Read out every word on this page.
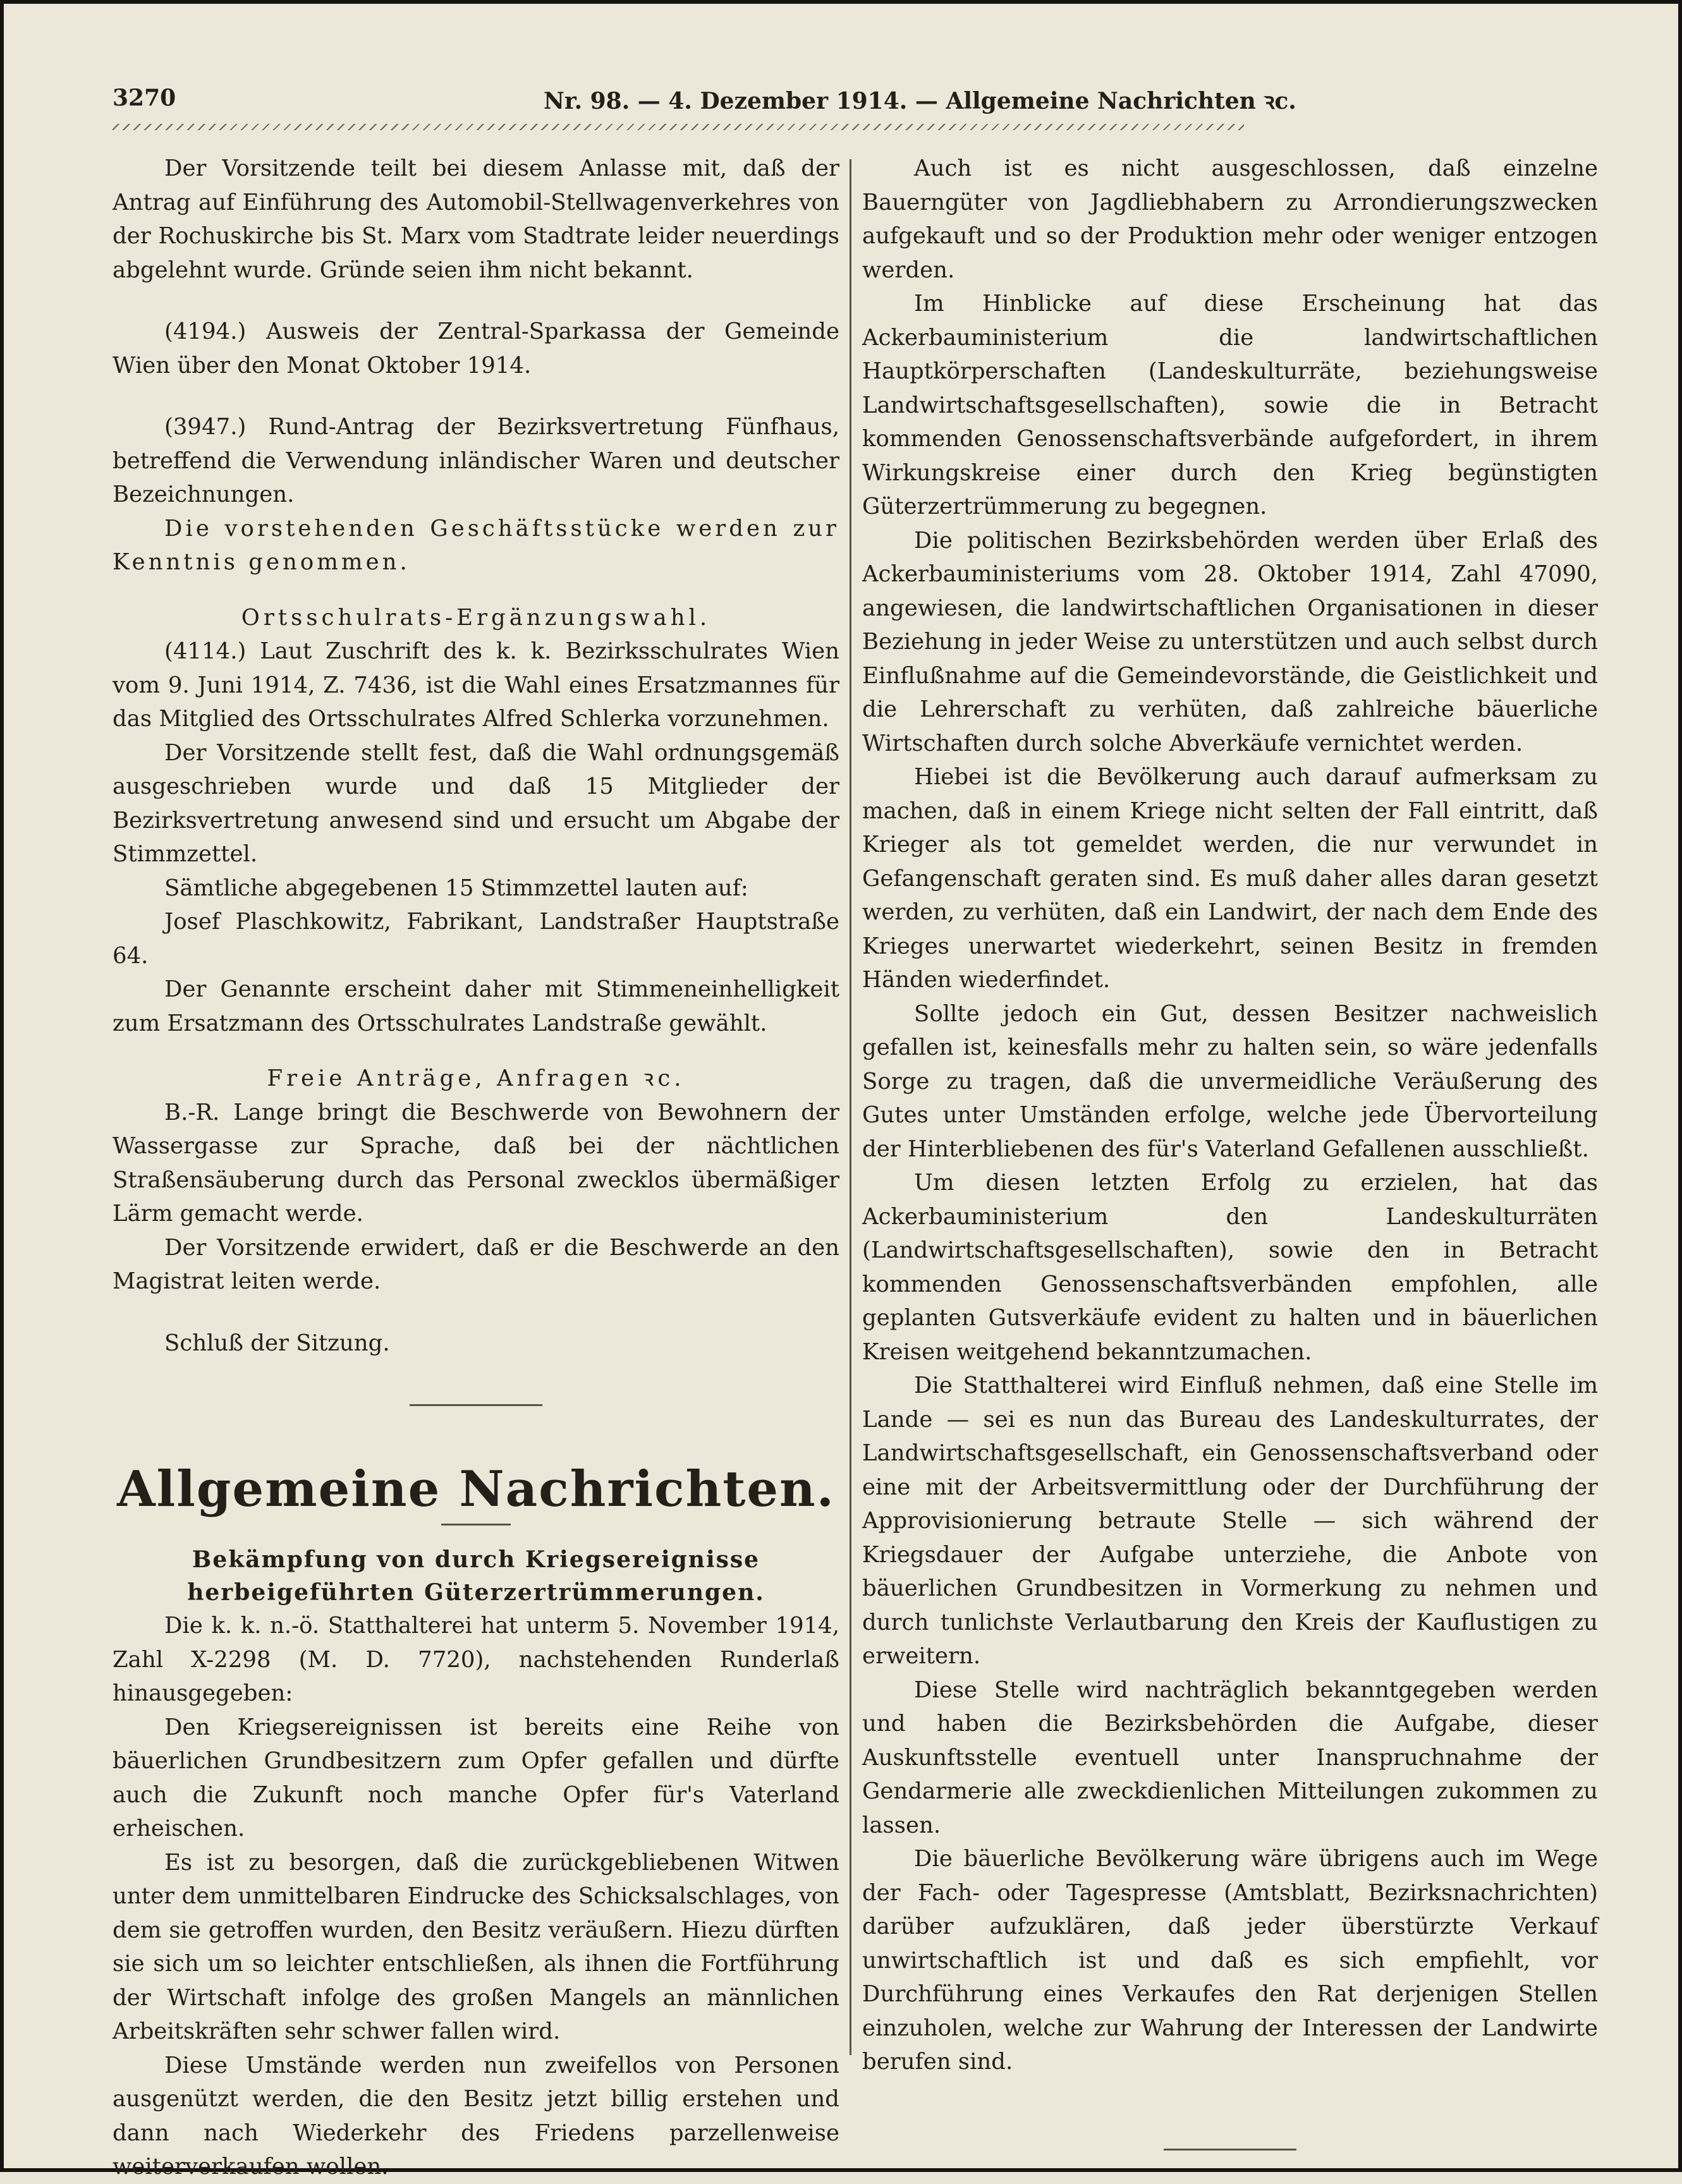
3270	Nr. 98. — 4. Dezember 1914. — Allgemeine Nachrichten ꝛc.

Der Vorsitzende teilt bei diesem Anlasse mit, daß der Antrag auf Einführung des Automobil-Stellwagenverkehres von der Rochuskirche bis St. Marx vom Stadtrate leider neuerdings abgelehnt wurde. Gründe seien ihm nicht bekannt.

(4194.) Ausweis der Zentral-Sparkassa der Gemeinde Wien über den Monat Oktober 1914.

(3947.) Rund-Antrag der Bezirksvertretung Fünfhaus, betreffend die Verwendung inländischer Waren und deutscher Bezeichnungen.

Die vorstehenden Geschäftsstücke werden zur Kenntnis genommen.

Ortsschulrats-Ergänzungswahl.

(4114.) Laut Zuschrift des k. k. Bezirksschulrates Wien vom 9. Juni 1914, Z. 7436, ist die Wahl eines Ersatzmannes für das Mitglied des Ortsschulrates Alfred Schlerka vorzunehmen.

Der Vorsitzende stellt fest, daß die Wahl ordnungsgemäß ausgeschrieben wurde und daß 15 Mitglieder der Bezirksvertretung anwesend sind und ersucht um Abgabe der Stimmzettel.

Sämtliche abgegebenen 15 Stimmzettel lauten auf:

Josef Plaschkowitz, Fabrikant, Landstraßer Hauptstraße 64.

Der Genannte erscheint daher mit Stimmeneinhelligkeit zum Ersatzmann des Ortsschulrates Landstraße gewählt.

Freie Anträge, Anfragen ꝛc.

B.-R. Lange bringt die Beschwerde von Bewohnern der Wassergasse zur Sprache, daß bei der nächtlichen Straßensäuberung durch das Personal zwecklos übermäßiger Lärm gemacht werde.

Der Vorsitzende erwidert, daß er die Beschwerde an den Magistrat leiten werde.

Schluß der Sitzung.

Allgemeine Nachrichten.
Bekämpfung von durch Kriegsereignisse herbeigeführten Güterzertrümmerungen.

Die k. k. n.-ö. Statthalterei hat unterm 5. November 1914, Zahl X-2298 (M. D. 7720), nachstehenden Runderlaß hinausgegeben:

Den Kriegsereignissen ist bereits eine Reihe von bäuerlichen Grundbesitzern zum Opfer gefallen und dürfte auch die Zukunft noch manche Opfer für's Vaterland erheischen.

Es ist zu besorgen, daß die zurückgebliebenen Witwen unter dem unmittelbaren Eindrucke des Schicksalschlages, von dem sie getroffen wurden, den Besitz veräußern. Hiezu dürften sie sich um so leichter entschließen, als ihnen die Fortführung der Wirtschaft infolge des großen Mangels an männlichen Arbeitskräften sehr schwer fallen wird.

Diese Umstände werden nun zweifellos von Personen ausgenützt werden, die den Besitz jetzt billig erstehen und dann nach Wiederkehr des Friedens parzellenweise weiterverkaufen wollen.

Auch ist es nicht ausgeschlossen, daß einzelne Bauerngüter von Jagdliebhabern zu Arrondierungszwecken aufgekauft und so der Produktion mehr oder weniger entzogen werden.

Im Hinblicke auf diese Erscheinung hat das Ackerbauministerium die landwirtschaftlichen Hauptkörperschaften (Landeskulturräte, beziehungsweise Landwirtschaftsgesellschaften), sowie die in Betracht kommenden Genossenschaftsverbände aufgefordert, in ihrem Wirkungskreise einer durch den Krieg begünstigten Güterzertrümmerung zu begegnen.

Die politischen Bezirksbehörden werden über Erlaß des Ackerbauministeriums vom 28. Oktober 1914, Zahl 47090, angewiesen, die landwirtschaftlichen Organisationen in dieser Beziehung in jeder Weise zu unterstützen und auch selbst durch Einflußnahme auf die Gemeindevorstände, die Geistlichkeit und die Lehrerschaft zu verhüten, daß zahlreiche bäuerliche Wirtschaften durch solche Abverkäufe vernichtet werden.

Hiebei ist die Bevölkerung auch darauf aufmerksam zu machen, daß in einem Kriege nicht selten der Fall eintritt, daß Krieger als tot gemeldet werden, die nur verwundet in Gefangenschaft geraten sind. Es muß daher alles daran gesetzt werden, zu verhüten, daß ein Landwirt, der nach dem Ende des Krieges unerwartet wiederkehrt, seinen Besitz in fremden Händen wiederfindet.

Sollte jedoch ein Gut, dessen Besitzer nachweislich gefallen ist, keinesfalls mehr zu halten sein, so wäre jedenfalls Sorge zu tragen, daß die unvermeidliche Veräußerung des Gutes unter Umständen erfolge, welche jede Übervorteilung der Hinterbliebenen des für's Vaterland Gefallenen ausschließt.

Um diesen letzten Erfolg zu erzielen, hat das Ackerbauministerium den Landeskulturräten (Landwirtschaftsgesellschaften), sowie den in Betracht kommenden Genossenschaftsverbänden empfohlen, alle geplanten Gutsverkäufe evident zu halten und in bäuerlichen Kreisen weitgehend bekanntzumachen.

Die Statthalterei wird Einfluß nehmen, daß eine Stelle im Lande — sei es nun das Bureau des Landeskulturrates, der Landwirtschaftsgesellschaft, ein Genossenschaftsverband oder eine mit der Arbeitsvermittlung oder der Durchführung der Approvisionierung betraute Stelle — sich während der Kriegsdauer der Aufgabe unterziehe, die Anbote von bäuerlichen Grundbesitzen in Vormerkung zu nehmen und durch tunlichste Verlautbarung den Kreis der Kauflustigen zu erweitern.

Diese Stelle wird nachträglich bekanntgegeben werden und haben die Bezirksbehörden die Aufgabe, dieser Auskunftsstelle eventuell unter Inanspruchnahme der Gendarmerie alle zweckdienlichen Mitteilungen zukommen zu lassen.

Die bäuerliche Bevölkerung wäre übrigens auch im Wege der Fach- oder Tagespresse (Amtsblatt, Bezirksnachrichten) darüber aufzuklären, daß jeder überstürzte Verkauf unwirtschaftlich ist und daß es sich empfiehlt, vor Durchführung eines Verkaufes den Rat derjenigen Stellen einzuholen, welche zur Wahrung der Interessen der Landwirte berufen sind.
